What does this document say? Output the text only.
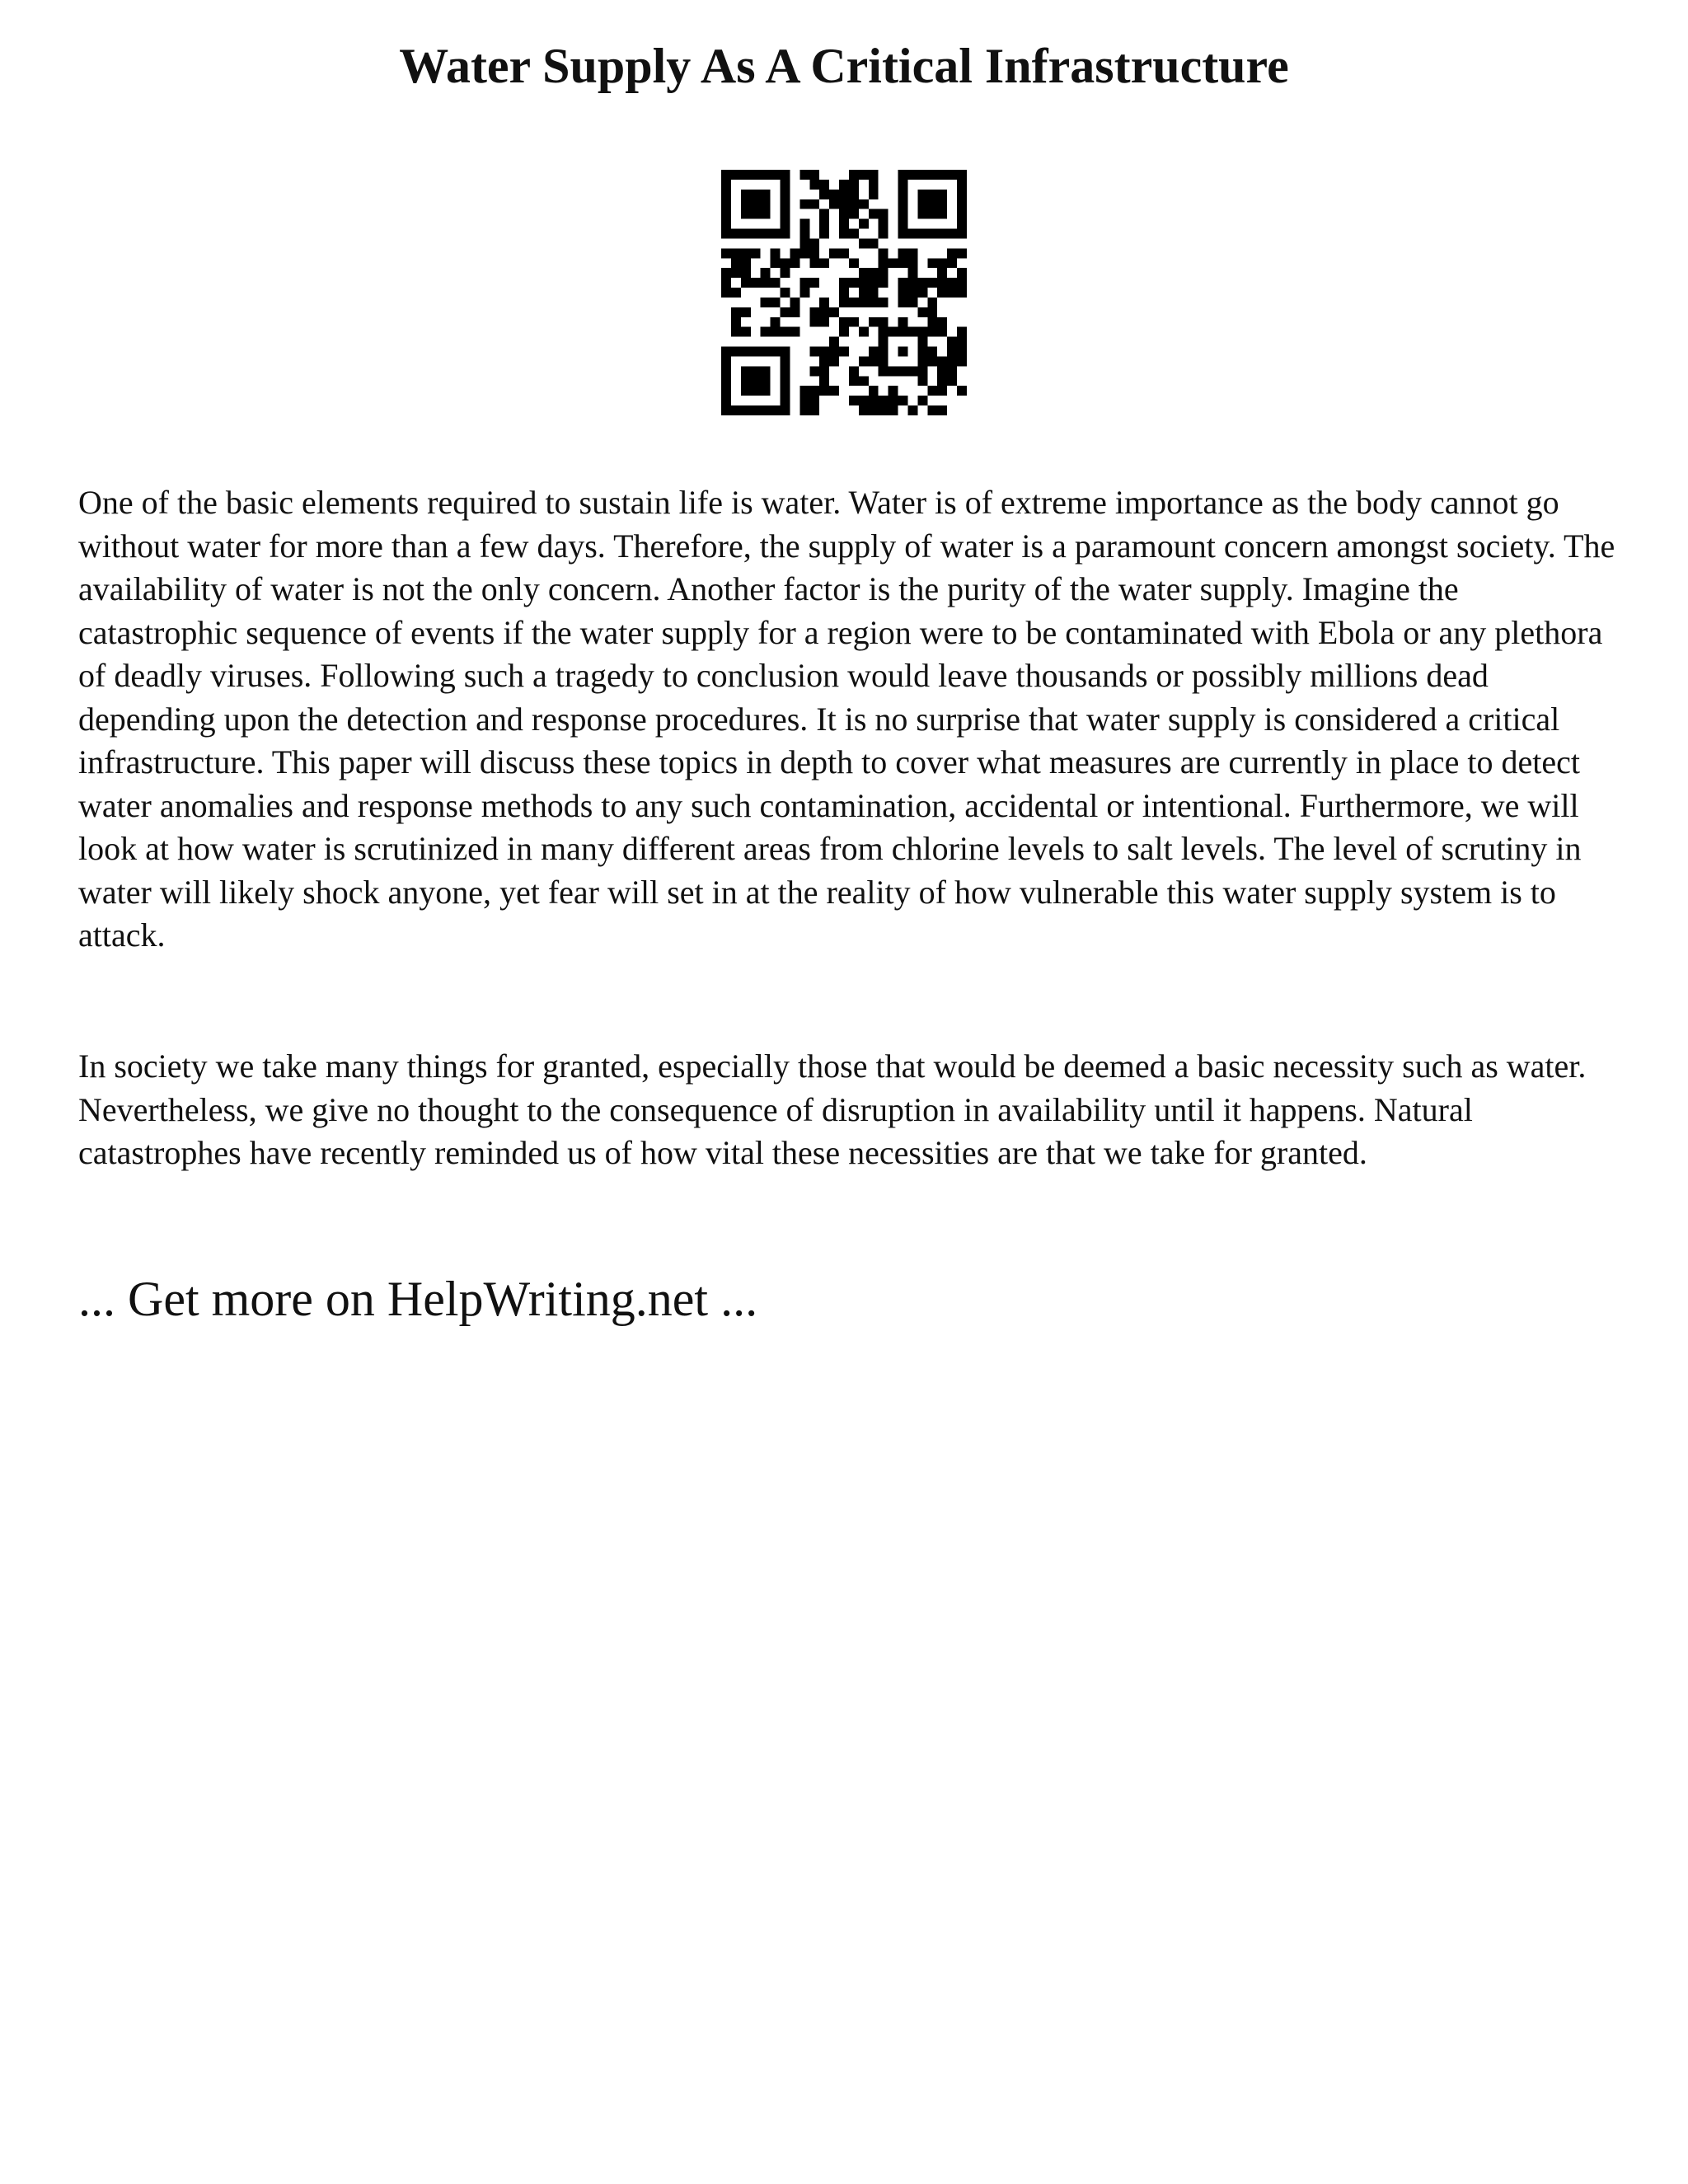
Water Supply As A Critical Infrastructure

One of the basic elements required to sustain life is water. Water is of extreme importance as the body cannot go without water for more than a few days. Therefore, the supply of water is a paramount concern amongst society. The availability of water is not the only concern. Another factor is the purity of the water supply. Imagine the catastrophic sequence of events if the water supply for a region were to be contaminated with Ebola or any plethora of deadly viruses. Following such a tragedy to conclusion would leave thousands or possibly millions dead depending upon the detection and response procedures. It is no surprise that water supply is considered a critical infrastructure. This paper will discuss these topics in depth to cover what measures are currently in place to detect water anomalies and response methods to any such contamination, accidental or intentional. Furthermore, we will look at how water is scrutinized in many different areas from chlorine levels to salt levels. The level of scrutiny in water will likely shock anyone, yet fear will set in at the reality of how vulnerable this water supply system is to attack.

In society we take many things for granted, especially those that would be deemed a basic necessity such as water. Nevertheless, we give no thought to the consequence of disruption in availability until it happens. Natural catastrophes have recently reminded us of how vital these necessities are that we take for granted.

... Get more on HelpWriting.net ...
